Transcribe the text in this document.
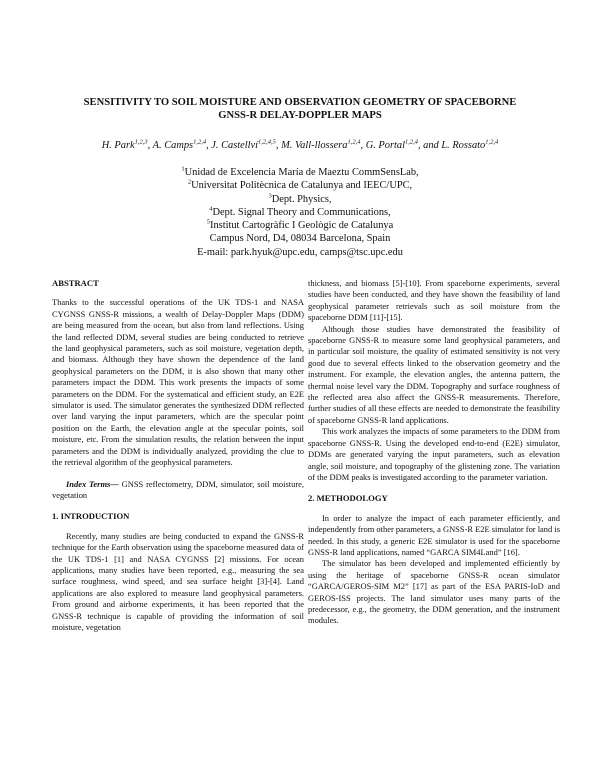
SENSITIVITY TO SOIL MOISTURE AND OBSERVATION GEOMETRY OF SPACEBORNE
GNSS-R DELAY-DOPPLER MAPS
H. Park$^{1,2,3}$, A. Camps$^{1,2,4}$, J. Castellví$^{1,2,4,5}$, M. Vall-llossera$^{1,2,4}$, G. Portal$^{1,2,4}$, and L. Rossato$^{1,2,4}$
$^1$Unidad de Excelencia María de Maeztu CommSensLab,
$^2$Universitat Politècnica de Catalunya and IEEC/UPC,
$^3$Dept. Physics,
$^4$Dept. Signal Theory and Communications,
$^5$Institut Cartogràfic I Geològic de Catalunya
Campus Nord, D4, 08034 Barcelona, Spain
E-mail: park.hyuk@upc.edu, camps@tsc.upc.edu

ABSTRACT

Thanks to the successful operations of the UK TDS-1 and NASA CYGNSS GNSS-R missions, a wealth of Delay-Doppler Maps (DDM) are being measured from the ocean, but also from land reflections. Using the land reflected DDM, several studies are being conducted to retrieve the land geophysical parameters, such as soil moisture, vegetation depth, and biomass. Although they have shown the dependence of the land geophysical parameters on the DDM, it is also shown that many other parameters impact the DDM. This work presents the impacts of some parameters on the DDM. For the systematical and efficient study, an E2E simulator is used. The simulator generates the synthesized DDM reflected over land varying the input parameters, which are the specular point position on the Earth, the elevation angle at the specular points, soil moisture, etc. From the simulation results, the relation between the input parameters and the DDM is individually analyzed, providing the clue to the retrieval algorithm of the geophysical parameters.

Index Terms— GNSS reflectometry, DDM, simulator, soil moisture, vegetation

1. INTRODUCTION

Recently, many studies are being conducted to expand the GNSS-R technique for the Earth observation using the spaceborne measured data of the UK TDS-1 [1] and NASA CYGNSS [2] missions. For ocean applications, many studies have been reported, e.g., measuring the sea surface roughness, wind speed, and sea surface height [3]-[4]. Land applications are also explored to measure land geophysical parameters. From ground and airborne experiments, it has been reported that the GNSS-R technique is capable of providing the information of soil moisture, vegetation

thickness, and biomass [5]-[10]. From spaceborne experiments, several studies have been conducted, and they have shown the feasibility of land geophysical parameter retrievals such as soil moisture from the spaceborne DDM [11]-[15].

Although those studies have demonstrated the feasibility of spaceborne GNSS-R to measure some land geophysical parameters, and in particular soil moisture, the quality of estimated sensitivity is not very good due to several effects linked to the observation geometry and the instrument. For example, the elevation angles, the antenna pattern, the thermal noise level vary the DDM. Topography and surface roughness of the reflected area also affect the GNSS-R measurements. Therefore, further studies of all these effects are needed to demonstrate the feasibility of spaceborne GNSS-R land applications.

This work analyzes the impacts of some parameters to the DDM from spaceborne GNSS-R. Using the developed end-to-end (E2E) simulator, DDMs are generated varying the input parameters, such as elevation angle, soil moisture, and topography of the glistening zone. The variation of the DDM peaks is investigated according to the parameter variation.

2. METHODOLOGY

In order to analyze the impact of each parameter efficiently, and independently from other parameters, a GNSS-R E2E simulator for land is needed. In this study, a generic E2E simulator is used for the spaceborne GNSS-R land applications, named “GARCA SIM4Land” [16].

The simulator has been developed and implemented efficiently by using the heritage of spaceborne GNSS-R ocean simulator “GARCA/GEROS-SIM M2” [17] as part of the ESA PARIS-IoD and GEROS-ISS projects. The land simulator uses many parts of the predecessor, e.g., the geometry, the DDM generation, and the instrument modules.
